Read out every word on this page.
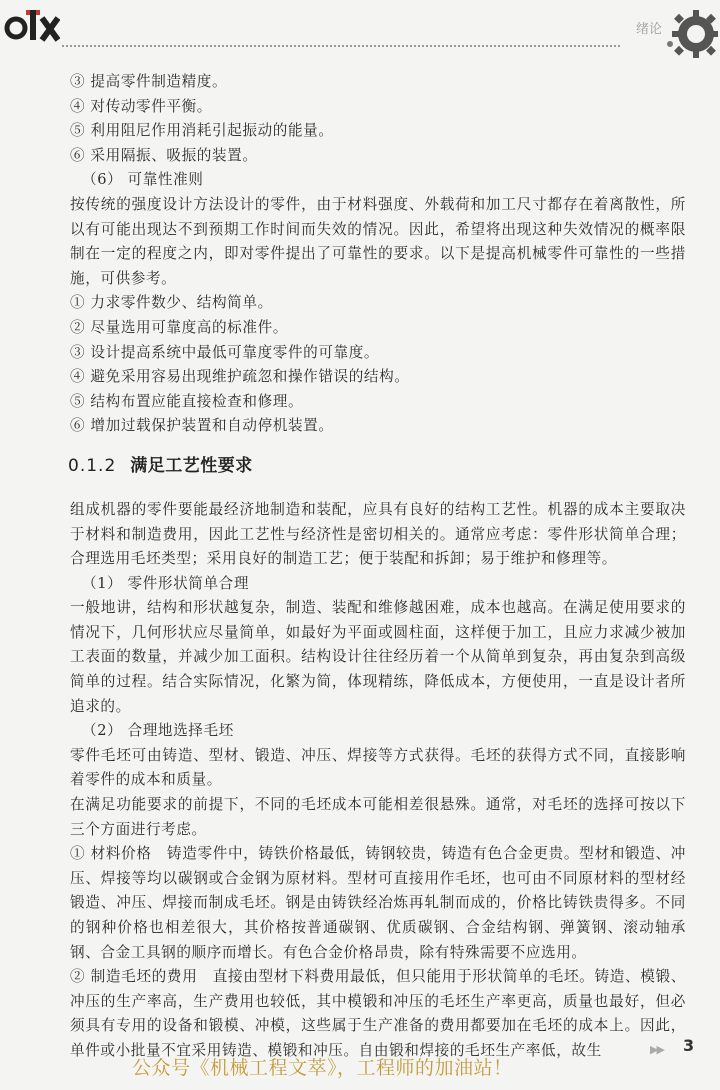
绪论
③ 提高零件制造精度。
④ 对传动零件平衡。
⑤ 利用阻尼作用消耗引起振动的能量。
⑥ 采用隔振、吸振的装置。
（6） 可靠性准则
按传统的强度设计方法设计的零件，由于材料强度、外载荷和加工尺寸都存在着离散性，所以有可能出现达不到预期工作时间而失效的情况。因此，希望将出现这种失效情况的概率限制在一定的程度之内，即对零件提出了可靠性的要求。以下是提高机械零件可靠性的一些措施，可供参考。
① 力求零件数少、结构简单。
② 尽量选用可靠度高的标准件。
③ 设计提高系统中最低可靠度零件的可靠度。
④ 避免采用容易出现维护疏忽和操作错误的结构。
⑤ 结构布置应能直接检查和修理。
⑥ 增加过载保护装置和自动停机装置。
0.1.2 满足工艺性要求
组成机器的零件要能最经济地制造和装配，应具有良好的结构工艺性。机器的成本主要取决于材料和制造费用，因此工艺性与经济性是密切相关的。通常应考虑：零件形状简单合理；合理选用毛坯类型；采用良好的制造工艺；便于装配和拆卸；易于维护和修理等。
（1） 零件形状简单合理
一般地讲，结构和形状越复杂，制造、装配和维修越困难，成本也越高。在满足使用要求的情况下，几何形状应尽量简单，如最好为平面或圆柱面，这样便于加工，且应力求减少被加工表面的数量，并减少加工面积。结构设计往往经历着一个从简单到复杂，再由复杂到高级简单的过程。结合实际情况，化繁为简，体现精练，降低成本，方便使用，一直是设计者所追求的。
（2） 合理地选择毛坯
零件毛坯可由铸造、型材、锻造、冲压、焊接等方式获得。毛坯的获得方式不同，直接影响着零件的成本和质量。
在满足功能要求的前提下，不同的毛坯成本可能相差很悬殊。通常，对毛坯的选择可按以下三个方面进行考虑。
① 材料价格　铸造零件中，铸铁价格最低，铸钢较贵，铸造有色合金更贵。型材和锻造、冲压、焊接等均以碳钢或合金钢为原材料。型材可直接用作毛坯，也可由不同原材料的型材经锻造、冲压、焊接而制成毛坯。钢是由铸铁经冶炼再轧制而成的，价格比铸铁贵得多。不同的钢种价格也相差很大，其价格按普通碳钢、优质碳钢、合金结构钢、弹簧钢、滚动轴承钢、合金工具钢的顺序而增长。有色合金价格昂贵，除有特殊需要不应选用。
② 制造毛坯的费用　直接由型材下料费用最低，但只能用于形状简单的毛坯。铸造、模锻、冲压的生产率高，生产费用也较低，其中模锻和冲压的毛坯生产率更高，质量也最好，但必须具有专用的设备和锻模、冲模，这些属于生产准备的费用都要加在毛坯的成本上。因此，单件或小批量不宜采用铸造、模锻和冲压。自由锻和焊接的毛坯生产率低，故生	▶▶ 3
公众号《机械工程文萃》，工程师的加油站！
